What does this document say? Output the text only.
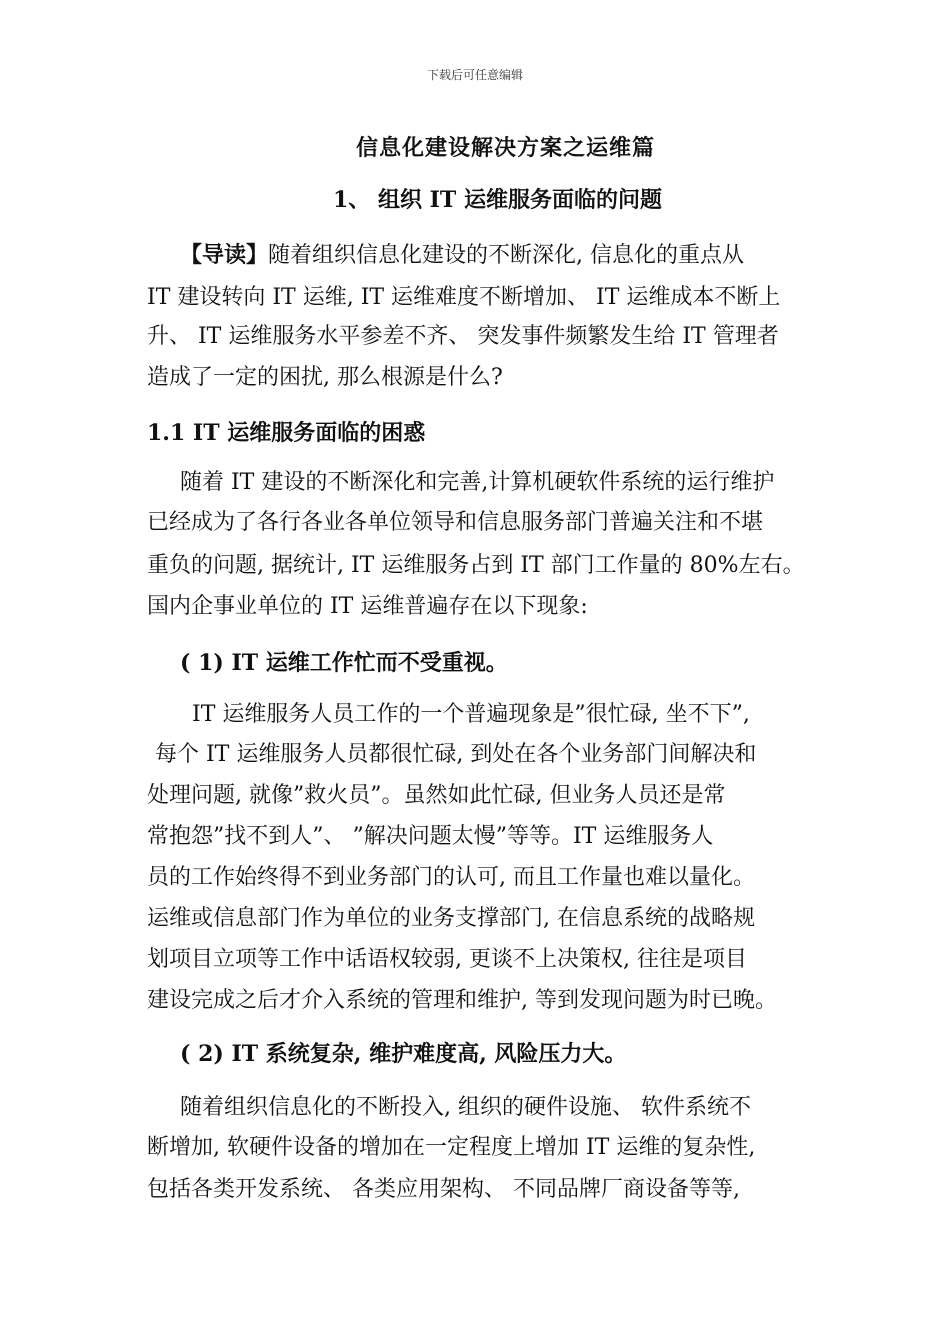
下载后可任意编辑
信息化建设解决方案之运维篇
1、 组织 IT 运维服务面临的问题
【导读】随着组织信息化建设的不断深化, 信息化的重点从
IT 建设转向 IT 运维, IT 运维难度不断增加、 IT 运维成本不断上
升、 IT 运维服务水平参差不齐、 突发事件频繁发生给 IT 管理者
造成了一定的困扰, 那么根源是什么?
1.1 IT 运维服务面临的困惑
随着 IT 建设的不断深化和完善,计算机硬软件系统的运行维护
已经成为了各行各业各单位领导和信息服务部门普遍关注和不堪
重负的问题, 据统计, IT 运维服务占到 IT 部门工作量的 80%左右。
国内企事业单位的 IT 运维普遍存在以下现象:
( 1) IT 运维工作忙而不受重视。
IT 运维服务人员工作的一个普遍现象是”很忙碌, 坐不下”,
每个 IT 运维服务人员都很忙碌, 到处在各个业务部门间解决和
处理问题, 就像”救火员”。虽然如此忙碌, 但业务人员还是常
常抱怨”找不到人”、 ”解决问题太慢”等等。IT 运维服务人
员的工作始终得不到业务部门的认可, 而且工作量也难以量化。
运维或信息部门作为单位的业务支撑部门, 在信息系统的战略规
划项目立项等工作中话语权较弱, 更谈不上决策权, 往往是项目
建设完成之后才介入系统的管理和维护, 等到发现问题为时已晚。
( 2) IT 系统复杂, 维护难度高, 风险压力大。
随着组织信息化的不断投入, 组织的硬件设施、 软件系统不
断增加, 软硬件设备的增加在一定程度上增加 IT 运维的复杂性,
包括各类开发系统、 各类应用架构、 不同品牌厂商设备等等,
